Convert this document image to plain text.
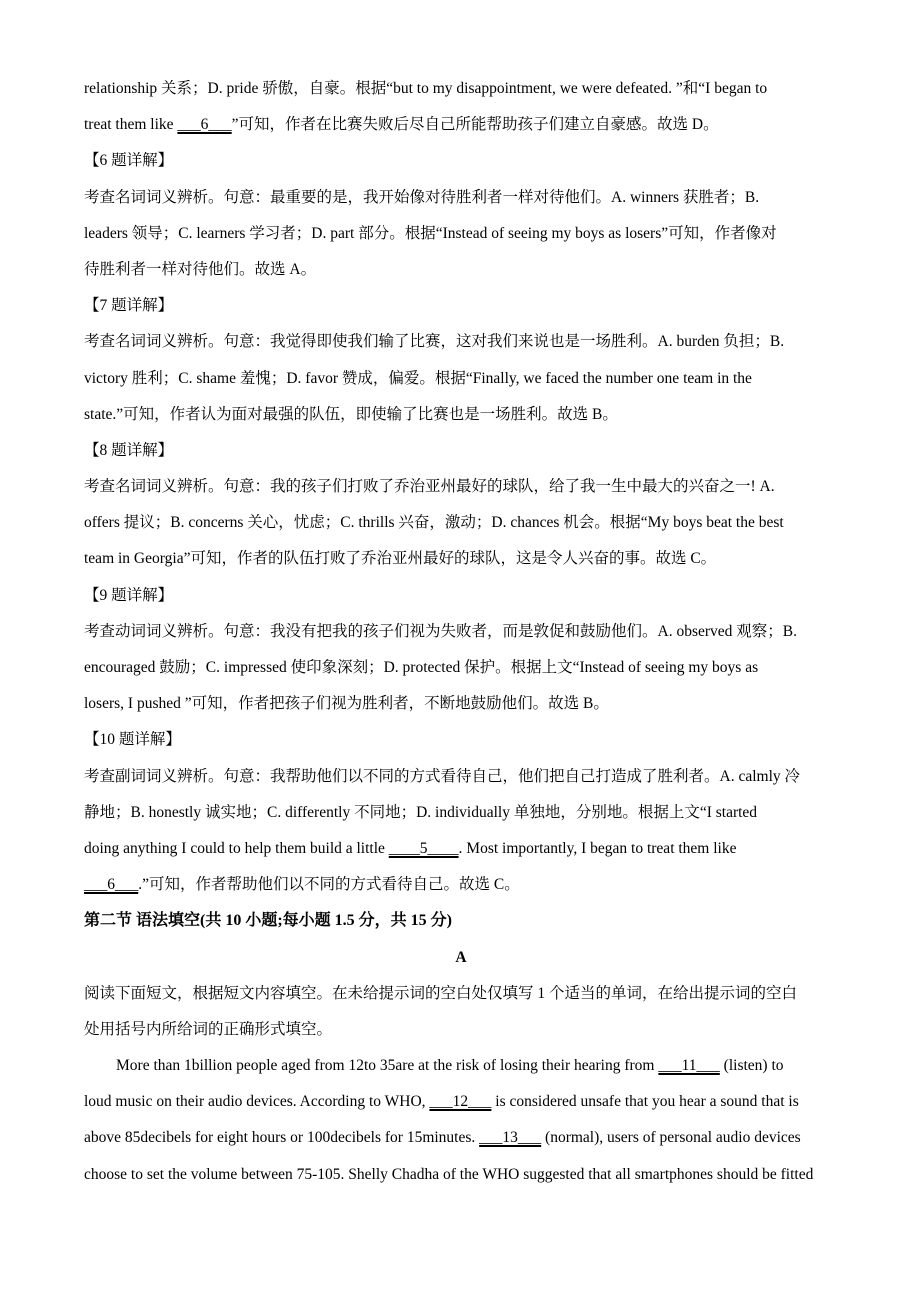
relationship 关系；D. pride 骄傲，自豪。根据“but to my disappointment, we were defeated. ”和“I began to
treat them like ___6___”可知，作者在比赛失败后尽自己所能帮助孩子们建立自豪感。故选 D。
【6 题详解】
考查名词词义辨析。句意：最重要的是，我开始像对待胜利者一样对待他们。A. winners 获胜者；B.
leaders 领导；C. learners 学习者；D. part 部分。根据“Instead of seeing my boys as losers”可知，作者像对
待胜利者一样对待他们。故选 A。
【7 题详解】
考查名词词义辨析。句意：我觉得即使我们输了比赛，这对我们来说也是一场胜利。A. burden 负担；B.
victory 胜利；C. shame 羞愧；D. favor 赞成，偏爱。根据“Finally, we faced the number one team in the
state.”可知，作者认为面对最强的队伍，即使输了比赛也是一场胜利。故选 B。
【8 题详解】
考查名词词义辨析。句意：我的孩子们打败了乔治亚州最好的球队，给了我一生中最大的兴奋之一! A.
offers 提议；B. concerns 关心，忧虑；C. thrills 兴奋，激动；D. chances 机会。根据“My boys beat the best
team in Georgia”可知，作者的队伍打败了乔治亚州最好的球队，这是令人兴奋的事。故选 C。
【9 题详解】
考查动词词义辨析。句意：我没有把我的孩子们视为失败者，而是敦促和鼓励他们。A. observed 观察；B.
encouraged 鼓励；C. impressed 使印象深刻；D. protected 保护。根据上文“Instead of seeing my boys as
losers, I pushed ”可知，作者把孩子们视为胜利者，不断地鼓励他们。故选 B。
【10 题详解】
考查副词词义辨析。句意：我帮助他们以不同的方式看待自己，他们把自己打造成了胜利者。A. calmly 冷
静地；B. honestly 诚实地；C. differently 不同地；D. individually 单独地，分别地。根据上文“I started
doing anything I could to help them build a little ____5____. Most importantly, I began to treat them like
___6___.”可知，作者帮助他们以不同的方式看待自己。故选 C。
第二节 语法填空(共 10 小题;每小题 1.5 分，共 15 分)
A
阅读下面短文，根据短文内容填空。在未给提示词的空白处仅填写 1 个适当的单词，在给出提示词的空白
处用括号内所给词的正确形式填空。
More than 1billion people aged from 12to 35are at the risk of losing their hearing from ___11___ (listen) to
loud music on their audio devices. According to WHO, ___12___ is considered unsafe that you hear a sound that is
above 85decibels for eight hours or 100decibels for 15minutes. ___13___ (normal), users of personal audio devices
choose to set the volume between 75-105. Shelly Chadha of the WHO suggested that all smartphones should be fitted
